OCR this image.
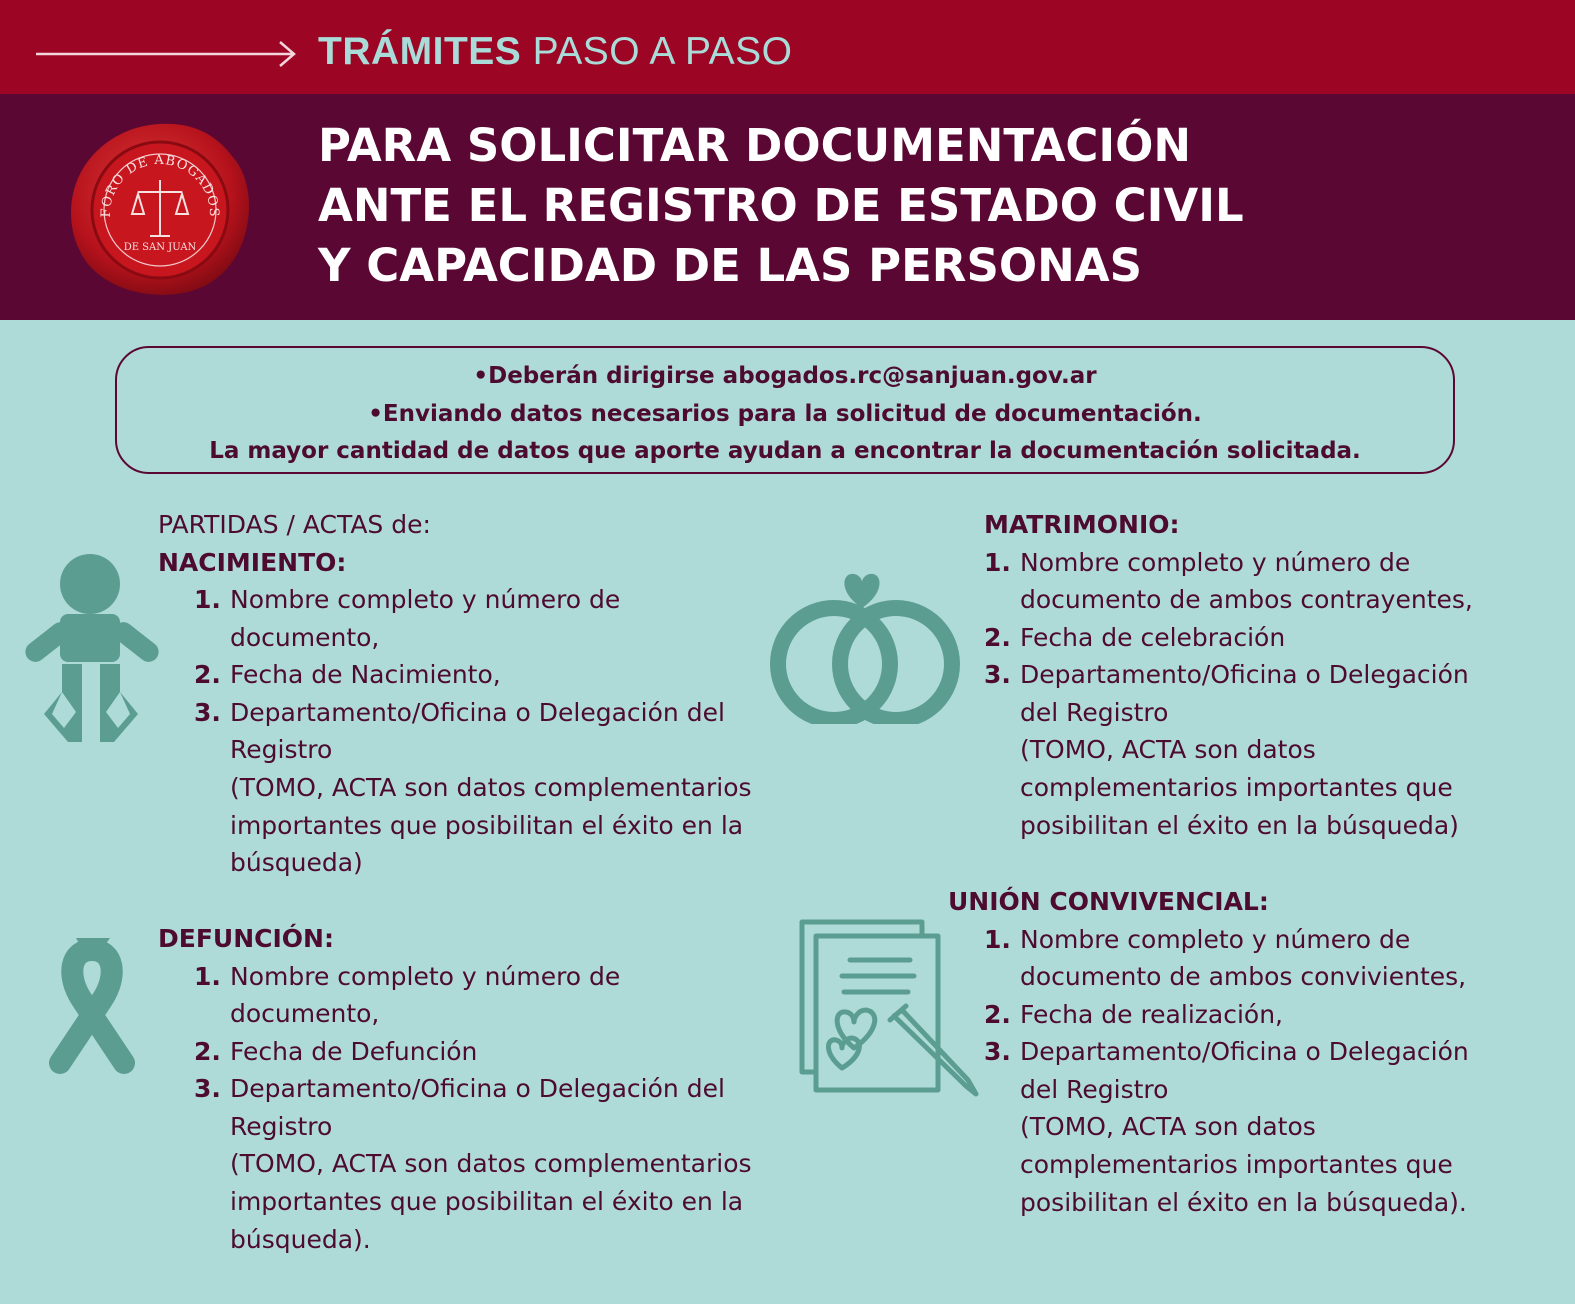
TRÁMITES PASO A PASO
FORO DE ABOGADOS
DE SAN JUAN
PARA SOLICITAR DOCUMENTACIÓN
ANTE EL REGISTRO DE ESTADO CIVIL
Y CAPACIDAD DE LAS PERSONAS
•Deberán dirigirse abogados.rc@sanjuan.gov.ar
•Enviando datos necesarios para la solicitud de documentación.
La mayor cantidad de datos que aporte ayudan a encontrar la documentación solicitada.
PARTIDAS / ACTAS de:
NACIMIENTO:
1. Nombre completo y número de
documento,
2. Fecha de Nacimiento,
3. Departamento/Oficina o Delegación del
Registro
(TOMO, ACTA son datos complementarios
importantes que posibilitan el éxito en la
búsqueda)
DEFUNCIÓN:
1. Nombre completo y número de
documento,
2. Fecha de Defunción
3. Departamento/Oficina o Delegación del
Registro
(TOMO, ACTA son datos complementarios
importantes que posibilitan el éxito en la
búsqueda).
MATRIMONIO:
1. Nombre completo y número de
documento de ambos contrayentes,
2. Fecha de celebración
3. Departamento/Oficina o Delegación
del Registro
(TOMO, ACTA son datos
complementarios importantes que
posibilitan el éxito en la búsqueda)
UNIÓN CONVIVENCIAL:
1. Nombre completo y número de
documento de ambos convivientes,
2. Fecha de realización,
3. Departamento/Oficina o Delegación
del Registro
(TOMO, ACTA son datos
complementarios importantes que
posibilitan el éxito en la búsqueda).
